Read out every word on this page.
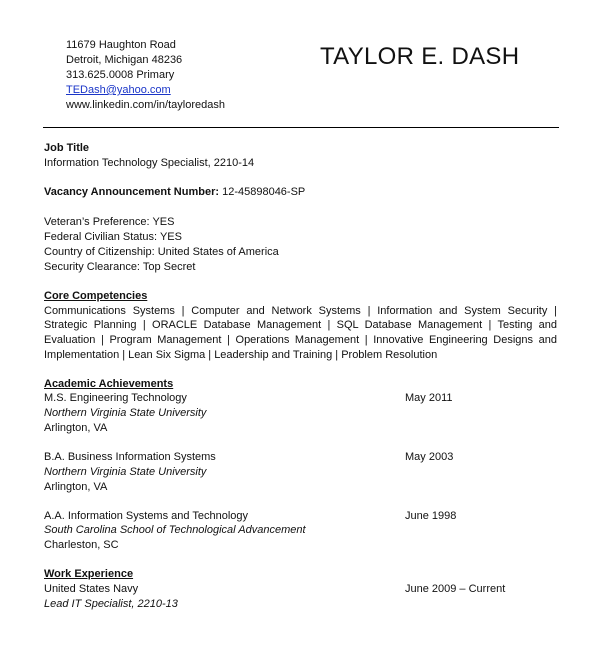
11679 Haughton Road
Detroit, Michigan 48236
313.625.0008 Primary
TEDash@yahoo.com
www.linkedin.com/in/tayloredash
TAYLOR E. DASH
Job Title
Information Technology Specialist, 2210-14
Vacancy Announcement Number: 12-45898046-SP
Veteran’s Preference: YES
Federal Civilian Status: YES
Country of Citizenship: United States of America
Security Clearance: Top Secret
Core Competencies
Communications Systems | Computer and Network Systems | Information and System Security |
Strategic Planning | ORACLE Database Management | SQL Database Management | Testing and
Evaluation | Program Management | Operations Management | Innovative Engineering Designs and
Implementation | Lean Six Sigma | Leadership and Training | Problem Resolution
Academic Achievements
M.S. Engineering Technology	May 2011
Northern Virginia State University
Arlington, VA
B.A. Business Information Systems	May 2003
Northern Virginia State University
Arlington, VA
A.A. Information Systems and Technology	June 1998
South Carolina School of Technological Advancement
Charleston, SC
Work Experience
United States Navy	June 2009 – Current
Lead IT Specialist, 2210-13
